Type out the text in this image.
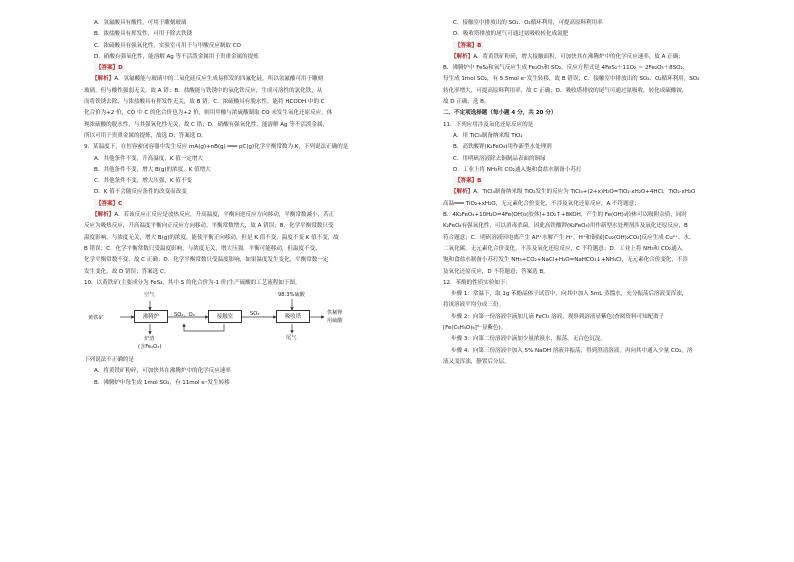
A．氢氟酸具有酸性，可用于雕刻玻璃
B．浓盐酸具有挥发性，可用于除去铁锈
C．浓硫酸具有强氧化性，实验室可用于与甲酸反应制取 CO
D．硝酸有强氧化性，能溶解 Ag 等不活泼金属用于贵重金属的提炼
【答案】D
【解析】A．氢氟酸能与玻璃中的二氧化硅反应生成易挥发的四氟化硅，所以氢氟酸可用于雕刻
玻璃，但与酸性强弱无关，故 A 错；B．盐酸能与铁锈中的氧化铁反应，生成可溶性的氯化铁，从
而将铁锈去除，与浓盐酸具有挥发性无关，故 B 错；C．浓硫酸具有脱水性，能将 HCOOH 中的 C
化合价为+2 价，CO 中 C 的化合价也为+2 价，则用甲酸与浓硫酸制取 CO 未发生氧化还原反应，体
现浓硫酸的脱水性，与其强氧化性无关，故 C 错；D．硝酸有强氧化性，能溶解 Ag 等不活泼金属，
所以可用于贵重金属的提炼，故选 D；答案选 D。
9．某温度下，在恒容密闭容器中发生反应 mA(g)+nB(g) ═══ pC(g)化学平衡常数为 K，下列说法正确的是
A．其他条件不变，升高温度，K 值一定增大
B．其他条件不变，增大 B(g)的浓度，K 值增大
C．其他条件不变，增大压强，K 值不变
D．K 值不会随反应条件的改变而改变
【答案】C
【解析】A．若该反应正反应是放热反应，升高温度，平衡向逆反应方向移动，平衡常数减小，若正
反应为吸热反应，升高温度平衡向正反应方向移动，平衡常数增大，故 A 错误；B．化学平衡常数只受
温度影响，与浓度无关，增大 B(g)的浓度，能使平衡正向移动，但是 K 值不变，温度不变 K 值不变，故
B 错误；C．化学平衡常数只受温度影响，与浓度无关，增大压强，平衡可能移动，但温度不变，
化学平衡常数不变，故 C 正确；D．化学平衡常数只受温度影响，如果温度发生变化，平衡常数一定
发生变化，故 D 错误；答案选 C。
10．以黄铁矿(主要成分为 FeS₂，其中 S 的化合价为-1 价)生产硫酸的工艺流程如下图。
空气
黄铁矿	沸腾炉	SO₂、O₂	接触室	SO₃
98.3%硫酸
吸收塔
供稀释
用硫酸
炉渣
(含Fe₂O₃)
尾气
下列说法不正确的是
A．将黄铁矿粉碎，可加快其在沸腾炉中的化学反应速率
B．沸腾炉中每生成 1mol SO₂，有 11mol e⁻发生转移
C．接触室中排放出的 SO₂、O₂循环利用，可提高原料利用率
D．吸收塔排放的尾气可通过氨吸收转化成氮肥
【答案】B
【解析】A．将黄铁矿粉碎，增大接触面积，可加快其在沸腾炉中的化学反应速率，故 A 正确；
B．沸腾炉中 FeS₂和氧气反应生成 Fe₂O₃和 SO₂，反应方程式是 4FeS₂＋11O₂ ＝ 2Fe₂O₃＋8SO₂，
每生成 1mol SO₂，有 5.5mol e⁻发生转移，故 B 错误；C．接触室中排放出的 SO₂、O₂循环利用，SO₂
转化率增大，可提高原料利用率，故 C 正确；D．吸收塔排放的尾气可通过氨吸收，转化成硫酸铵，
故 D 正确；选 B。
二、不定项选择题（每小题 4 分，共 20 分）
11．下列应用涉及氧化还原反应的是
A．用 TiCl₄制备纳米级 TiO₂
B．高铁酸钾(K₂FeO₄)用作新型水处理剂
C．用明矾溶液除去铜制品表面的铜绿
D．工业上将 NH₃和 CO₂通入饱和食盐水制备小苏打
【答案】B
【解析】A．TiCl₄制备纳米级 TiO₂发生的反应为 TiCl₄+(2+x)H₂O=TiO₂·xH₂O+4HCl，TiO₂·xH₂O
高温═══ TiO₂+xH₂O，无元素化合价变化，不涉及氧化还原反应，A 不符题意；
B．4K₂FeO₄+10H₂O=4Fe(OH)₃(胶体)+3O₂↑+8KOH，产生的 Fe(OH)₃胶体可以吸附杂质，同时
K₂FeO₄有强氧化性，可以消毒杀菌，因此高铁酸钾(K₂FeO₄)用作新型水处理剂涉及氧化还原反应，B
符合题意；C．明矾溶液因电离产生 Al³⁺水解产生 H⁺，H⁺和铜绿[Cu₂(OH)₂CO₃]反应生成 Cu²⁺、水、
二氧化碳，无元素化合价变化，不涉及氧化还原反应，C 不符题意；D．工业上将 NH₃和 CO₂通入
饱和食盐水制备小苏打发生 NH₃+CO₂+NaCl+H₂O=NaHCO₃↓+NH₄Cl，无元素化合价变化，不涉
及氧化还原反应，D 不符题意；答案选 B。
12．苯酚的性质实验如下：
步骤 1：常温下，取 1g 苯酚晶体于试管中，向其中加入 5mL 蒸馏水，充分振荡后溶液变浑浊，
将该溶液平均分成三份。
步骤 2：向第一份溶液中滴加几滴 FeCl₃ 溶液，观察到溶液显紫色(查阅资料可知配离子
[Fe(C₆H₅O)₆]³⁻显紫色)。
步骤 3：向第二份溶液中滴加少量浓溴水，振荡，无白色沉淀。
步骤 4：向第三份溶液中加入 5% NaOH 溶液并振荡，得到澄清溶液，再向其中通入少量 CO₂，溶
液又变浑浊，静置后分层。
